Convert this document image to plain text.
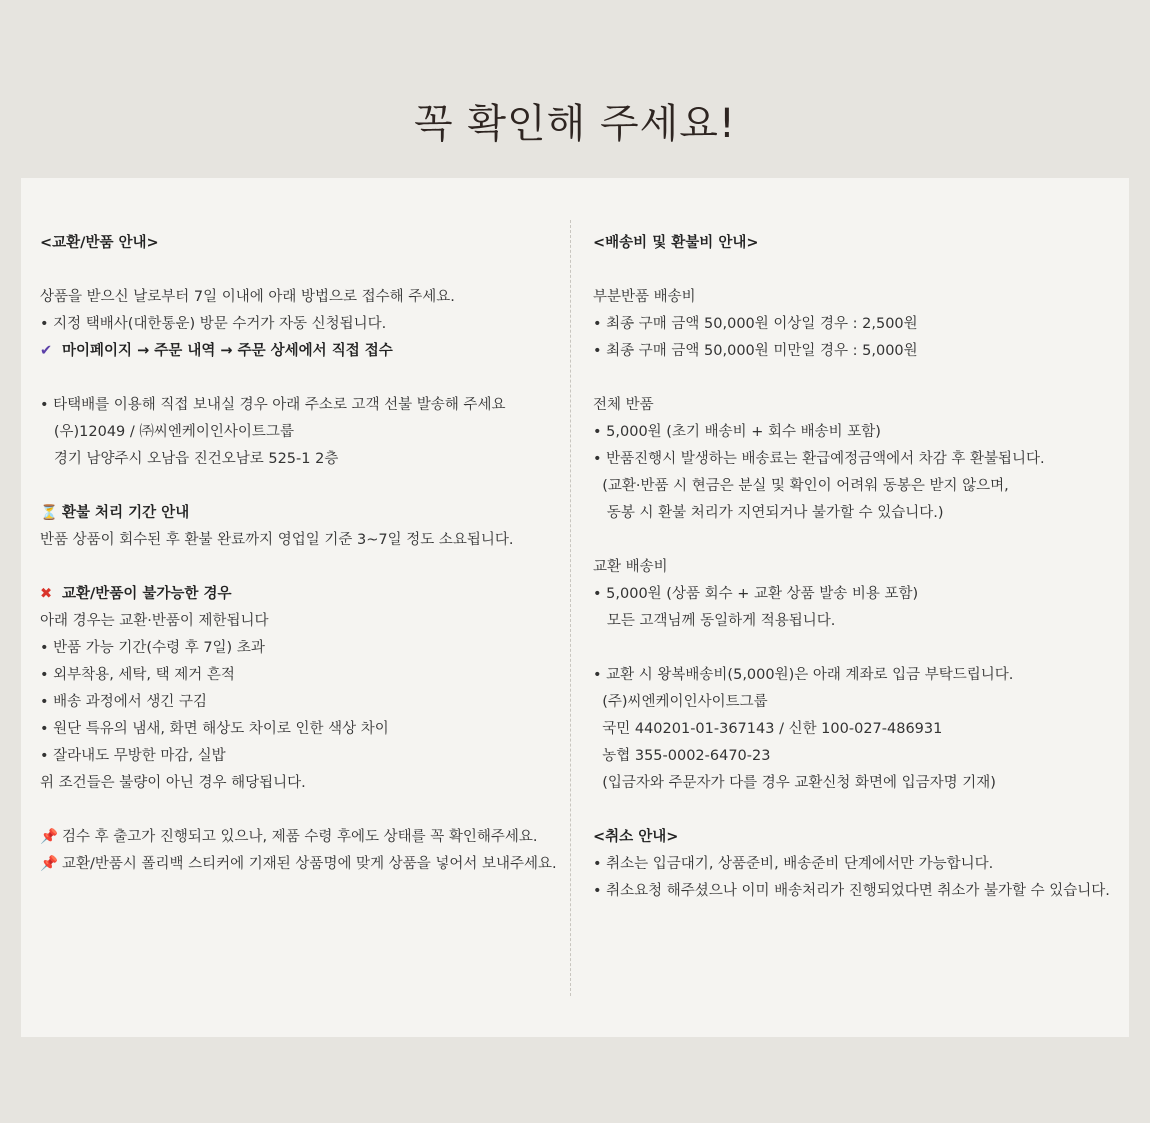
꼭 확인해 주세요!
<교환/반품 안내>
상품을 받으신 날로부터 7일 이내에 아래 방법으로 접수해 주세요.
• 지정 택배사(대한통운) 방문 수거가 자동 신청됩니다.
✔ 마이페이지 → 주문 내역 → 주문 상세에서 직접 접수
• 타택배를 이용해 직접 보내실 경우 아래 주소로 고객 선불 발송해 주세요
(우)12049 / ㈜씨엔케이인사이트그룹
경기 남양주시 오남읍 진건오남로 525-1 2층
⏳ 환불 처리 기간 안내
반품 상품이 회수된 후 환불 완료까지 영업일 기준 3~7일 정도 소요됩니다.
✖ 교환/반품이 불가능한 경우
아래 경우는 교환·반품이 제한됩니다
• 반품 가능 기간(수령 후 7일) 초과
• 외부착용, 세탁, 택 제거 흔적
• 배송 과정에서 생긴 구김
• 원단 특유의 냄새, 화면 해상도 차이로 인한 색상 차이
• 잘라내도 무방한 마감, 실밥
위 조건들은 불량이 아닌 경우 해당됩니다.
📌 검수 후 출고가 진행되고 있으나, 제품 수령 후에도 상태를 꼭 확인해주세요.
📌 교환/반품시 폴리백 스티커에 기재된 상품명에 맞게 상품을 넣어서 보내주세요.
<배송비 및 환불비 안내>
부분반품 배송비
• 최종 구매 금액 50,000원 이상일 경우 : 2,500원
• 최종 구매 금액 50,000원 미만일 경우 : 5,000원
전체 반품
• 5,000원 (초기 배송비 + 회수 배송비 포함)
• 반품진행시 발생하는 배송료는 환급예정금액에서 차감 후 환불됩니다.
(교환·반품 시 현금은 분실 및 확인이 어려워 동봉은 받지 않으며,
동봉 시 환불 처리가 지연되거나 불가할 수 있습니다.)
교환 배송비
• 5,000원 (상품 회수 + 교환 상품 발송 비용 포함)
모든 고객님께 동일하게 적용됩니다.
• 교환 시 왕복배송비(5,000원)은 아래 계좌로 입금 부탁드립니다.
(주)씨엔케이인사이트그룹
국민 440201-01-367143 / 신한 100-027-486931
농협 355-0002-6470-23
(입금자와 주문자가 다를 경우 교환신청 화면에 입금자명 기재)
<취소 안내>
• 취소는 입금대기, 상품준비, 배송준비 단계에서만 가능합니다.
• 취소요청 해주셨으나 이미 배송처리가 진행되었다면 취소가 불가할 수 있습니다.
